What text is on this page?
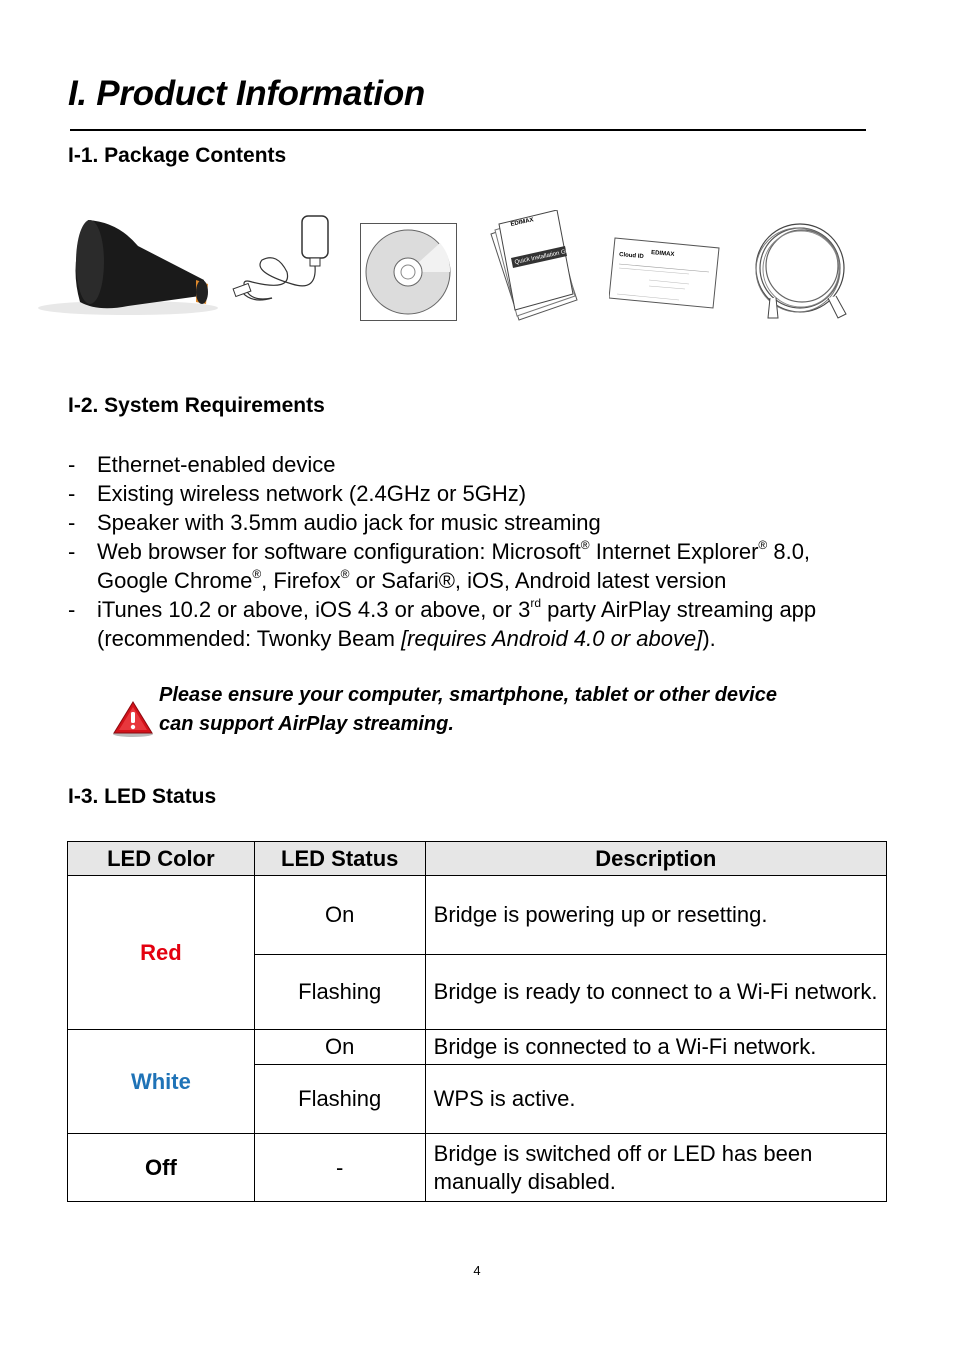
I. Product Information
I-1. Package Contents
Quick Installation Guide
EDIMAX
Cloud ID EDIMAX
I-2. System Requirements
- Ethernet-enabled device
- Existing wireless network (2.4GHz or 5GHz)
- Speaker with 3.5mm audio jack for music streaming
- Web browser for software configuration: Microsoft® Internet Explorer® 8.0,
Google Chrome®, Firefox® or Safari®, iOS, Android latest version
- iTunes 10.2 or above, iOS 4.3 or above, or 3rd party AirPlay streaming app
(recommended: Twonky Beam [requires Android 4.0 or above]).
Please ensure your computer, smartphone, tablet or other device
can support AirPlay streaming.
I-3. LED Status
LED Color	LED Status	Description
Red	On	Bridge is powering up or resetting.
	Flashing	Bridge is ready to connect to a Wi-Fi network.
White	On	Bridge is connected to a Wi-Fi network.
	Flashing	WPS is active.
Off	-	Bridge is switched off or LED has been manually disabled.
4
